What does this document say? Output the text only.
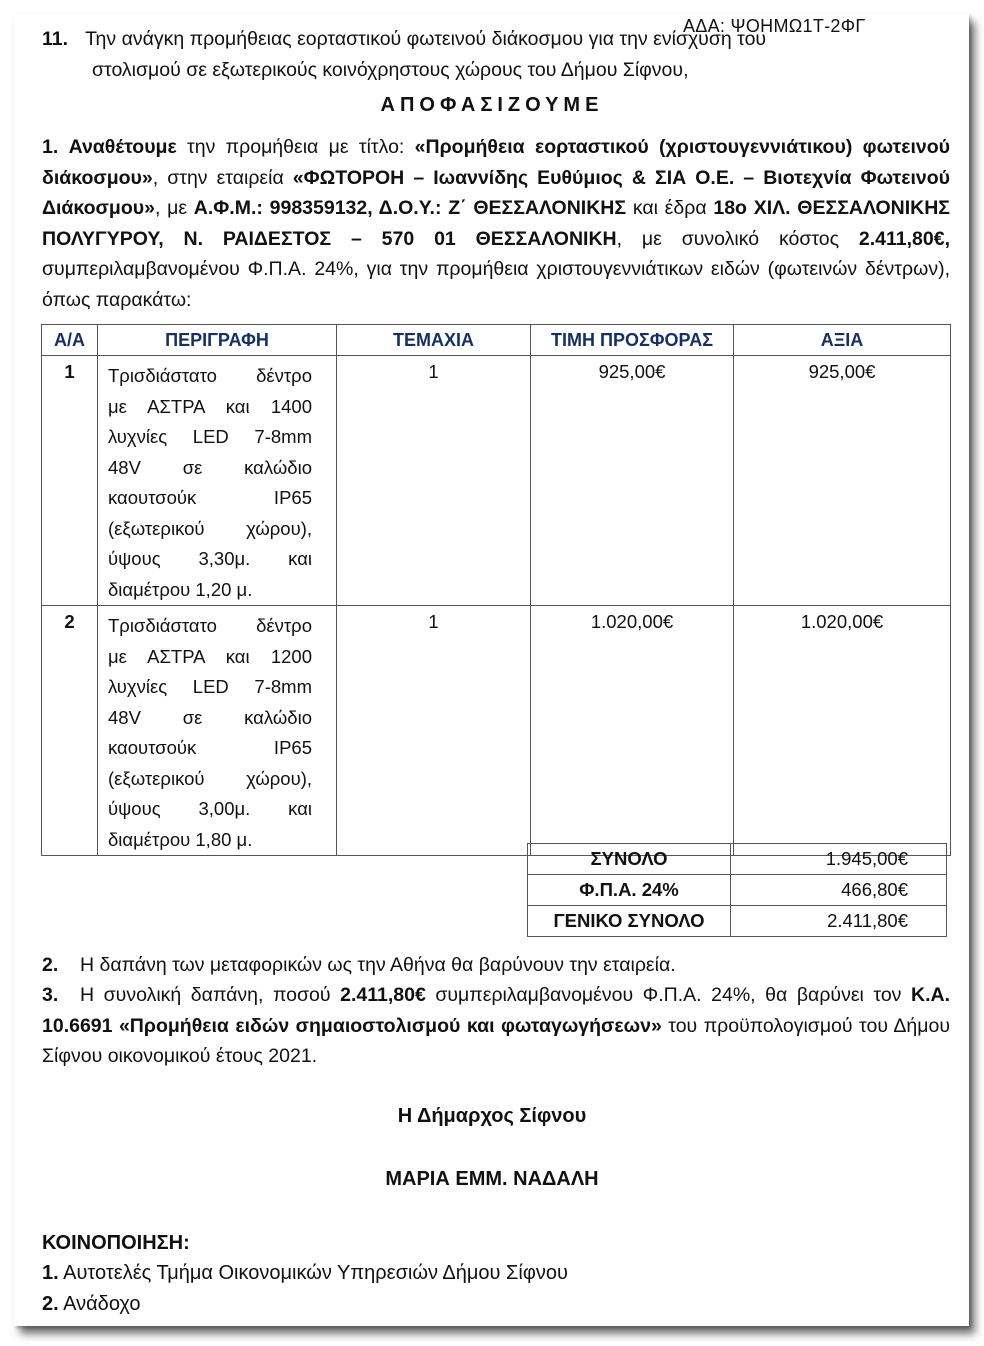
ΑΔΑ: ΨΟΗΜΩ1Τ-2ΦΓ
11. Την ανάγκη προμήθειας εορταστικού φωτεινού διάκοσμου για την ενίσχυση του
στολισμού σε εξωτερικούς κοινόχρηστους χώρους του Δήμου Σίφνου,
ΑΠΟΦΑΣΙΖΟΥΜΕ
1. Αναθέτουμε την προμήθεια με τίτλο: «Προμήθεια εορταστικού (χριστουγεννιάτικου) φωτεινού διάκοσμου», στην εταιρεία «ΦΩΤΟΡΟΗ – Ιωαννίδης Ευθύμιος & ΣΙΑ Ο.Ε. – Βιοτεχνία Φωτεινού Διάκοσμου», με Α.Φ.Μ.: 998359132, Δ.Ο.Υ.: Ζ΄ ΘΕΣΣΑΛΟΝΙΚΗΣ και έδρα 18ο ΧΙΛ. ΘΕΣΣΑΛΟΝΙΚΗΣ ΠΟΛΥΓΥΡΟΥ, Ν. ΡΑΙΔΕΣΤΟΣ – 570 01 ΘΕΣΣΑΛΟΝΙΚΗ, με συνολικό κόστος 2.411,80€, συμπεριλαμβανομένου Φ.Π.Α. 24%, για την προμήθεια χριστουγεννιάτικων ειδών (φωτεινών δέντρων), όπως παρακάτω:
Α/Α	ΠΕΡΙΓΡΑΦΗ	ΤΕΜΑΧΙΑ	ΤΙΜΗ ΠΡΟΣΦΟΡΑΣ	ΑΞΙΑ
1	Τρισδιάστατο δέντρο
με ΑΣΤΡΑ και 1400
λυχνίες LED 7-8mm
48V σε καλώδιο
καουτσούκ IP65
(εξωτερικού χώρου),
ύψους 3,30μ. και
διαμέτρου 1,20 μ.
	1	925,00€	925,00€
2	Τρισδιάστατο δέντρο
με ΑΣΤΡΑ και 1200
λυχνίες LED 7-8mm
48V σε καλώδιο
καουτσούκ IP65
(εξωτερικού χώρου),
ύψους 3,00μ. και
διαμέτρου 1,80 μ.
	1	1.020,00€	1.020,00€
ΣΥΝΟΛΟ	1.945,00€
Φ.Π.Α. 24%	466,80€
ΓΕΝΙΚΟ ΣΥΝΟΛΟ	2.411,80€
2. Η δαπάνη των μεταφορικών ως την Αθήνα θα βαρύνουν την εταιρεία.
3. Η συνολική δαπάνη, ποσού 2.411,80€ συμπεριλαμβανομένου Φ.Π.Α. 24%, θα βαρύνει τον Κ.Α. 10.6691 «Προμήθεια ειδών σημαιοστολισμού και φωταγωγήσεων» του προϋπολογισμού του Δήμου Σίφνου οικονομικού έτους 2021.
Η Δήμαρχος Σίφνου
ΜΑΡΙΑ ΕΜΜ. ΝΑΔΑΛΗ
ΚΟΙΝΟΠΟΙΗΣΗ:
1. Αυτοτελές Τμήμα Οικονομικών Υπηρεσιών Δήμου Σίφνου
2. Ανάδοχο
